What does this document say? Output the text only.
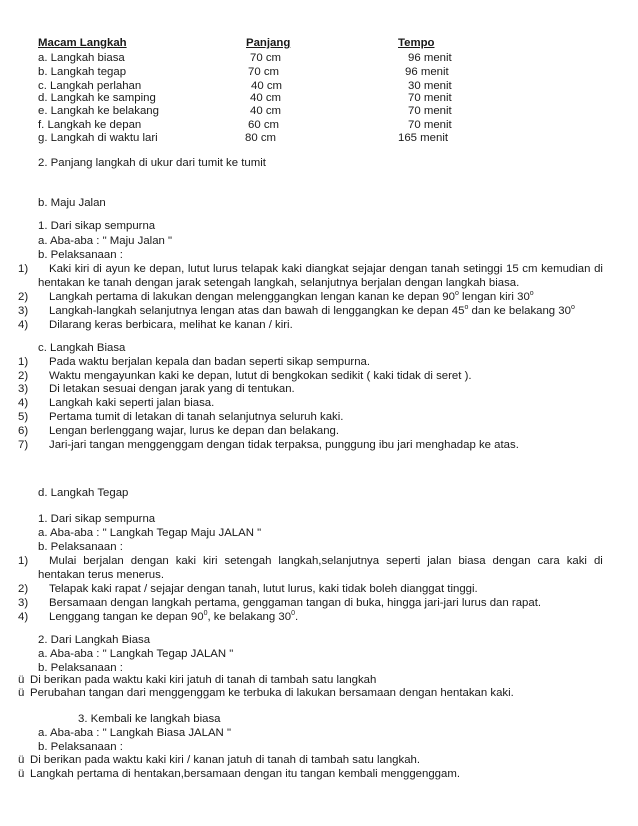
Macam Langkah	Panjang	Tempo
a. Langkah biasa	70 cm	96 menit
b. Langkah tegap	70 cm	96 menit
c. Langkah perlahan	40 cm	30 menit
d. Langkah ke samping	40 cm	70 menit
e. Langkah ke belakang	40 cm	70 menit
f. Langkah ke depan	60 cm	70 menit
g. Langkah di waktu lari	80 cm	165 menit
2. Panjang langkah di ukur dari tumit ke tumit
b. Maju Jalan
1. Dari sikap sempurna
a. Aba-aba : " Maju Jalan "
b. Pelaksanaan :
1) Kaki kiri di ayun ke depan, lutut lurus telapak kaki diangkat sejajar dengan tanah setinggi 15 cm kemudian di
hentakan ke tanah dengan jarak setengah langkah, selanjutnya berjalan dengan langkah biasa.
2) Langkah pertama di lakukan dengan melenggangkan lengan kanan ke depan 90$^o$ lengan kiri 30$^o$
3) Langkah-langkah selanjutnya lengan atas dan bawah di lenggangkan ke depan 45$^o$ dan ke belakang 30$^o$
4) Dilarang keras berbicara, melihat ke kanan / kiri.
c. Langkah Biasa
1) Pada waktu berjalan kepala dan badan seperti sikap sempurna.
2) Waktu mengayunkan kaki ke depan, lutut di bengkokan sedikit ( kaki tidak di seret ).
3) Di letakan sesuai dengan jarak yang di tentukan.
4) Langkah kaki seperti jalan biasa.
5) Pertama tumit di letakan di tanah selanjutnya seluruh kaki.
6) Lengan berlenggang wajar, lurus ke depan dan belakang.
7) Jari-jari tangan menggenggam dengan tidak terpaksa, punggung ibu jari menghadap ke atas.
d. Langkah Tegap
1. Dari sikap sempurna
a. Aba-aba : " Langkah Tegap Maju JALAN "
b. Pelaksanaan :
1) Mulai berjalan dengan kaki kiri setengah langkah,selanjutnya seperti jalan biasa dengan cara kaki di
hentakan terus menerus.
2) Telapak kaki rapat / sejajar dengan tanah, lutut lurus, kaki tidak boleh dianggat tinggi.
3) Bersamaan dengan langkah pertama, genggaman tangan di buka, hingga jari-jari lurus dan rapat.
4) Lenggang tangan ke depan $90^0$, ke belakang $30^0$.
2. Dari Langkah Biasa
a. Aba-aba : " Langkah Tegap JALAN "
b. Pelaksanaan :
ü Di berikan pada waktu kaki kiri jatuh di tanah di tambah satu langkah
ü Perubahan tangan dari menggenggam ke terbuka di lakukan bersamaan dengan hentakan kaki.
3. Kembali ke langkah biasa
a. Aba-aba : " Langkah Biasa JALAN "
b. Pelaksanaan :
ü Di berikan pada waktu kaki kiri / kanan jatuh di tanah di tambah satu langkah.
ü Langkah pertama di hentakan,bersamaan dengan itu tangan kembali menggenggam.
